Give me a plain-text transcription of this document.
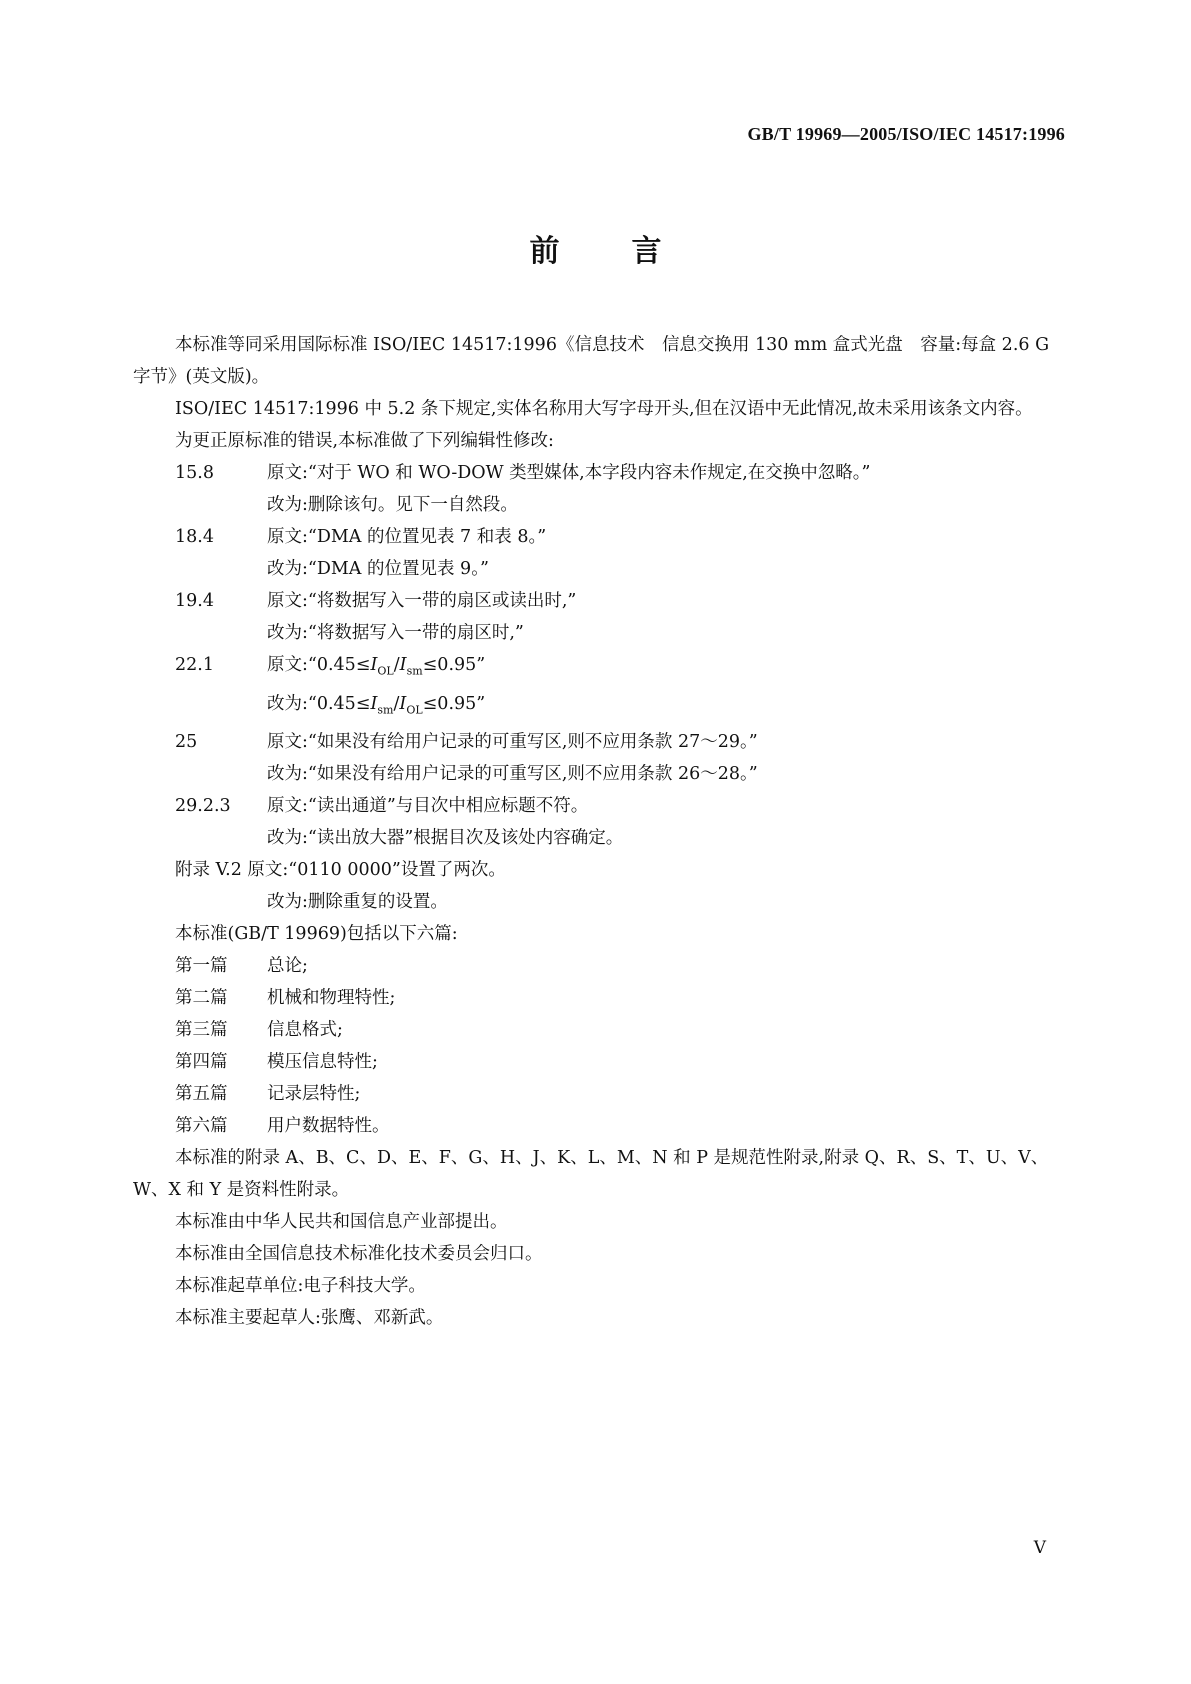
GB/T 19969—2005/ISO/IEC 14517:1996
前 言
本标准等同采用国际标准 ISO/IEC 14517:1996《信息技术　信息交换用 130 mm 盒式光盘　容量:每盒 2.6 G 字节》(英文版)。
ISO/IEC 14517:1996 中 5.2 条下规定,实体名称用大写字母开头,但在汉语中无此情况,故未采用该条文内容。
为更正原标准的错误,本标准做了下列编辑性修改:
15.8	原文:“对于 WO 和 WO-DOW 类型媒体,本字段内容未作规定,在交换中忽略。”
改为:删除该句。见下一自然段。
18.4	原文:“DMA 的位置见表 7 和表 8。”
改为:“DMA 的位置见表 9。”
19.4	原文:“将数据写入一带的扇区或读出时,”
改为:“将数据写入一带的扇区时,”
22.1	原文$:“0.45\le I_{OL}/I_{sm}\le 0.95$”
改为$:“0.45\le I_{sm}/I_{OL}\le 0.95$”
25	原文:“如果没有给用户记录的可重写区,则不应用条款 27～29。”
改为:“如果没有给用户记录的可重写区,则不应用条款 26～28。”
29.2.3	原文:“读出通道”与目次中相应标题不符。
改为:“读出放大器”根据目次及该处内容确定。
附录 V.2 原文:“0110 0000”设置了两次。
改为:删除重复的设置。
本标准(GB/T 19969)包括以下六篇:
第一篇	总论;
第二篇	机械和物理特性;
第三篇	信息格式;
第四篇	模压信息特性;
第五篇	记录层特性;
第六篇	用户数据特性。
本标准的附录 A、B、C、D、E、F、G、H、J、K、L、M、N 和 P 是规范性附录,附录 Q、R、S、T、U、V、W、X 和 Y 是资料性附录。
本标准由中华人民共和国信息产业部提出。
本标准由全国信息技术标准化技术委员会归口。
本标准起草单位:电子科技大学。
本标准主要起草人:张鹰、邓新武。
V
